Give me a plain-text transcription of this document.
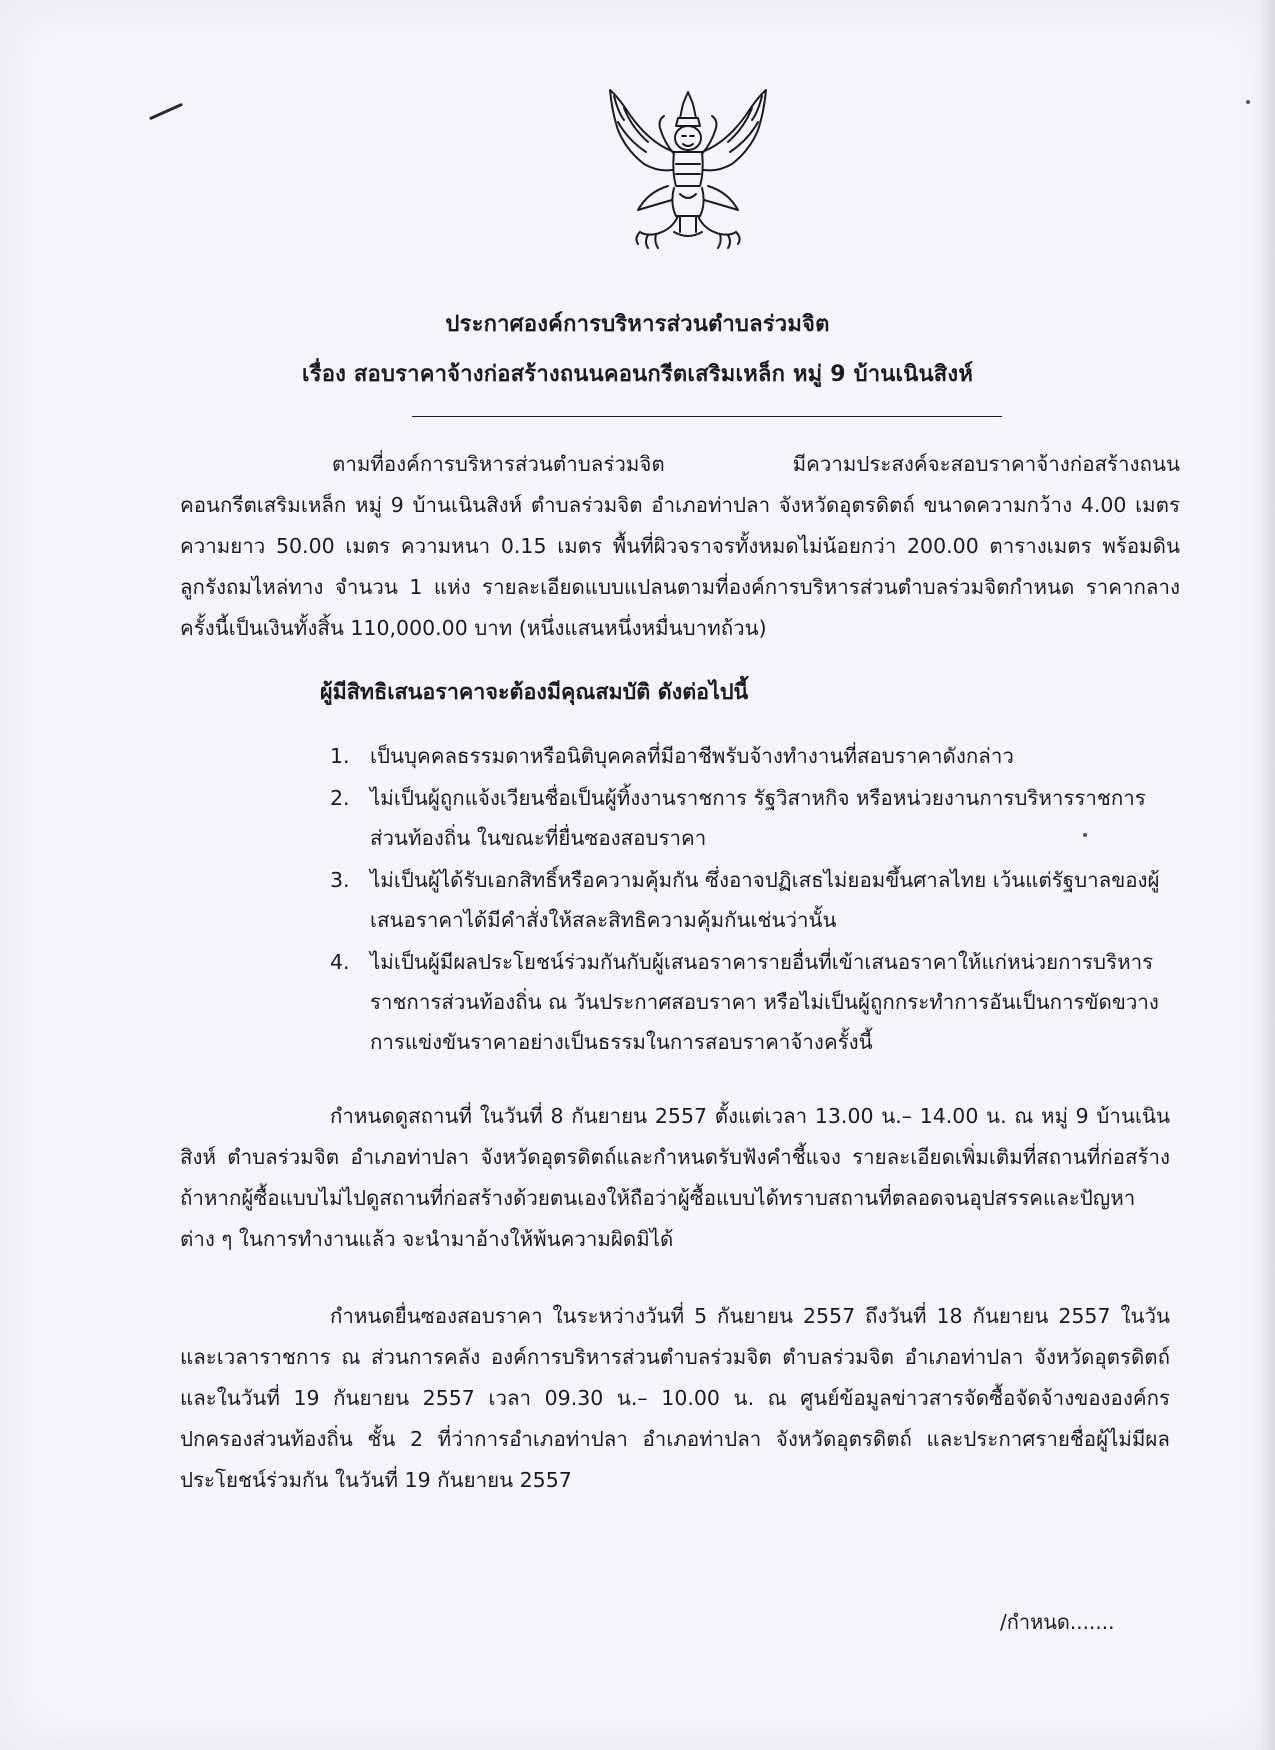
ประกาศองค์การบริหารส่วนตำบลร่วมจิต
เรื่อง สอบราคาจ้างก่อสร้างถนนคอนกรีตเสริมเหล็ก หมู่ 9 บ้านเนินสิงห์
ตามที่องค์การบริหารส่วนตำบลร่วมจิต มีความประสงค์จะสอบราคาจ้างก่อสร้างถนนคอนกรีตเสริมเหล็ก หมู่ 9 บ้านเนินสิงห์ ตำบลร่วมจิต อำเภอท่าปลา จังหวัดอุตรดิตถ์ ขนาดความกว้าง 4.00 เมตร ความยาว 50.00 เมตร ความหนา 0.15 เมตร พื้นที่ผิวจราจรทั้งหมดไม่น้อยกว่า 200.00 ตารางเมตร พร้อมดินลูกรังถมไหล่ทาง จำนวน 1 แห่ง รายละเอียดแบบแปลนตามที่องค์การบริหารส่วนตำบลร่วมจิตกำหนด ราคากลางครั้งนี้เป็นเงินทั้งสิ้น 110,000.00 บาท (หนึ่งแสนหนึ่งหมื่นบาทถ้วน)
ผู้มีสิทธิเสนอราคาจะต้องมีคุณสมบัติ ดังต่อไปนี้
1. เป็นบุคคลธรรมดาหรือนิติบุคคลที่มีอาชีพรับจ้างทำงานที่สอบราคาดังกล่าว
2. ไม่เป็นผู้ถูกแจ้งเวียนชื่อเป็นผู้ทิ้งงานราชการ รัฐวิสาหกิจ หรือหน่วยงานการบริหารราชการส่วนท้องถิ่น ในขณะที่ยื่นซองสอบราคา
3. ไม่เป็นผู้ได้รับเอกสิทธิ์หรือความคุ้มกัน ซึ่งอาจปฏิเสธไม่ยอมขึ้นศาลไทย เว้นแต่รัฐบาลของผู้เสนอราคาได้มีคำสั่งให้สละสิทธิความคุ้มกันเช่นว่านั้น
4. ไม่เป็นผู้มีผลประโยชน์ร่วมกันกับผู้เสนอราคารายอื่นที่เข้าเสนอราคาให้แก่หน่วยการบริหารราชการส่วนท้องถิ่น ณ วันประกาศสอบราคา หรือไม่เป็นผู้ถูกกระทำการอันเป็นการขัดขวางการแข่งขันราคาอย่างเป็นธรรมในการสอบราคาจ้างครั้งนี้
กำหนดดูสถานที่ ในวันที่ 8 กันยายน 2557 ตั้งแต่เวลา 13.00 น.– 14.00 น. ณ หมู่ 9 บ้านเนินสิงห์ ตำบลร่วมจิต อำเภอท่าปลา จังหวัดอุตรดิตถ์และกำหนดรับฟังคำชี้แจง รายละเอียดเพิ่มเติมที่สถานที่ก่อสร้าง ถ้าหากผู้ซื้อแบบไม่ไปดูสถานที่ก่อสร้างด้วยตนเองให้ถือว่าผู้ซื้อแบบได้ทราบสถานที่ตลอดจนอุปสรรคและปัญหาต่าง ๆ ในการทำงานแล้ว จะนำมาอ้างให้พ้นความผิดมิได้
กำหนดยื่นซองสอบราคา ในระหว่างวันที่ 5 กันยายน 2557 ถึงวันที่ 18 กันยายน 2557 ในวันและเวลาราชการ ณ ส่วนการคลัง องค์การบริหารส่วนตำบลร่วมจิต ตำบลร่วมจิต อำเภอท่าปลา จังหวัดอุตรดิตถ์ และในวันที่ 19 กันยายน 2557 เวลา 09.30 น.– 10.00 น. ณ ศูนย์ข้อมูลข่าวสารจัดซื้อจัดจ้างขององค์กรปกครองส่วนท้องถิ่น ชั้น 2 ที่ว่าการอำเภอท่าปลา อำเภอท่าปลา จังหวัดอุตรดิตถ์ และประกาศรายชื่อผู้ไม่มีผลประโยชน์ร่วมกัน ในวันที่ 19 กันยายน 2557
/กำหนด.......
